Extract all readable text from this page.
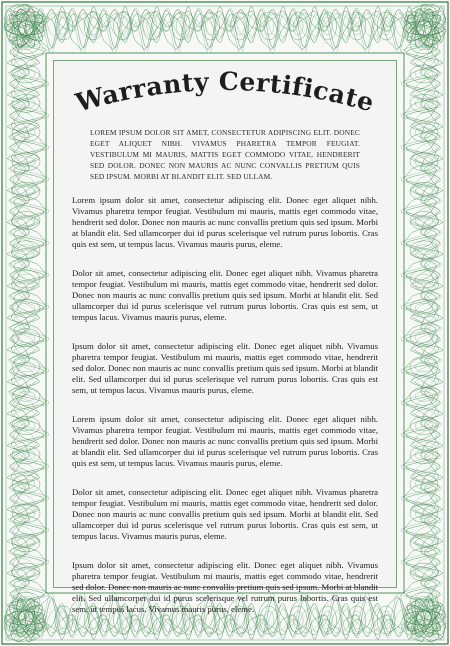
Warranty Certificate
LOREM IPSUM DOLOR SIT AMET, CONSECTETUR ADIPISCING ELIT. DONEC EGET ALIQUET NIBH. VIVAMUS PHARETRA TEMPOR FEUGIAT. VESTIBULUM MI MAURIS, MATTIS EGET COMMODO VITAE, HENDRERIT SED DOLOR. DONEC NON MAURIS AC NUNC CONVALLIS PRETIUM QUIS SED IPSUM. MORBI AT BLANDIT ELIT. SED ULLAM.

Lorem ipsum dolor sit amet, consectetur adipiscing elit. Donec eget aliquet nibh. Vivamus pharetra tempor feugiat. Vestibulum mi mauris, mattis eget commodo vitae, hendrerit sed dolor. Donec non mauris ac nunc convallis pretium quis sed ipsum. Morbi at blandit elit. Sed ullamcorper dui id purus scelerisque vel rutrum purus lobortis. Cras quis est sem, ut tempus lacus. Vivamus mauris purus, eleme.

Dolor sit amet, consectetur adipiscing elit. Donec eget aliquet nibh. Vivamus pharetra tempor feugiat. Vestibulum mi mauris, mattis eget commodo vitae, hendrerit sed dolor. Donec non mauris ac nunc convallis pretium quis sed ipsum. Morbi at blandit elit. Sed ullamcorper dui id purus scelerisque vel rutrum purus lobortis. Cras quis est sem, ut tempus lacus. Vivamus mauris purus, eleme.

Ipsum dolor sit amet, consectetur adipiscing elit. Donec eget aliquet nibh. Vivamus pharetra tempor feugiat. Vestibulum mi mauris, mattis eget commodo vitae, hendrerit sed dolor. Donec non mauris ac nunc convallis pretium quis sed ipsum. Morbi at blandit elit. Sed ullamcorper dui id purus scelerisque vel rutrum purus lobortis. Cras quis est sem, ut tempus lacus. Vivamus mauris purus, eleme.

Lorem ipsum dolor sit amet, consectetur adipiscing elit. Donec eget aliquet nibh. Vivamus pharetra tempor feugiat. Vestibulum mi mauris, mattis eget commodo vitae, hendrerit sed dolor. Donec non mauris ac nunc convallis pretium quis sed ipsum. Morbi at blandit elit. Sed ullamcorper dui id purus scelerisque vel rutrum purus lobortis. Cras quis est sem, ut tempus lacus. Vivamus mauris purus, eleme.

Dolor sit amet, consectetur adipiscing elit. Donec eget aliquet nibh. Vivamus pharetra tempor feugiat. Vestibulum mi mauris, mattis eget commodo vitae, hendrerit sed dolor. Donec non mauris ac nunc convallis pretium quis sed ipsum. Morbi at blandit elit. Sed ullamcorper dui id purus scelerisque vel rutrum purus lobortis. Cras quis est sem, ut tempus lacus. Vivamus mauris purus, eleme.

Ipsum dolor sit amet, consectetur adipiscing elit. Donec eget aliquet nibh. Vivamus pharetra tempor feugiat. Vestibulum mi mauris, mattis eget commodo vitae, hendrerit sed dolor. Donec non mauris ac nunc convallis pretium quis sed ipsum. Morbi at blandit elit. Sed ullamcorper dui id purus scelerisque vel rutrum purus lobortis. Cras quis est sem, ut tempus lacus. Vivamus mauris purus, eleme.
